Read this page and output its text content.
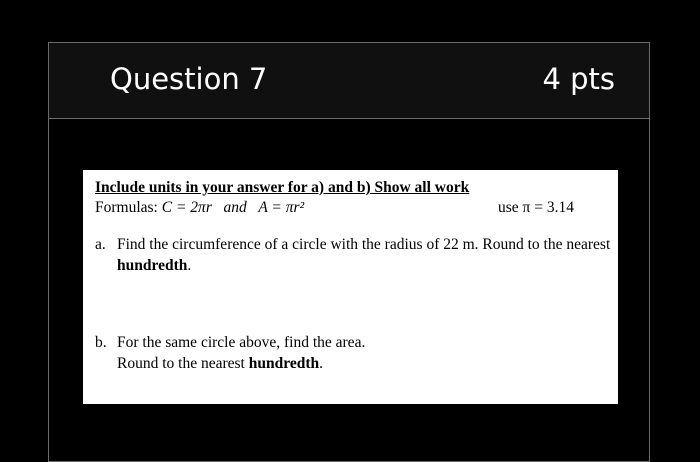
Question 7	4 pts
Include units in your answer for a) and b) Show all work
Formulas: C = 2πr and A = πr²	use π = 3.14
a. Find the circumference of a circle with the radius of 22 m. Round to the nearest hundredth.
b. For the same circle above, find the area.
Round to the nearest hundredth.
